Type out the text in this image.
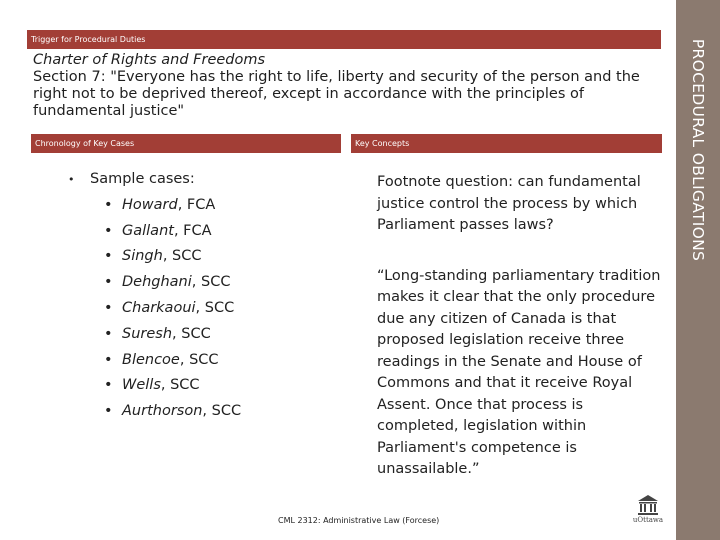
Trigger for Procedural Duties	PROCEDURAL OBLIGATIONS
Charter of Rights and Freedoms
Section 7: "Everyone has the right to life, liberty and security of the person and the right not to be deprived thereof, except in accordance with the principles of fundamental justice"
Chronology of Key Cases	Key Concepts
• Sample cases:
• Howard, FCA
• Gallant, FCA
• Singh, SCC
• Dehghani, SCC
• Charkaoui, SCC
• Suresh, SCC
• Blencoe, SCC
• Wells, SCC
• Aurthorson, SCC

Footnote question: can fundamental justice control the process by which Parliament passes laws?

“Long-standing parliamentary tradition makes it clear that the only procedure due any citizen of Canada is that proposed legislation receive three readings in the Senate and House of Commons and that it receive Royal Assent. Once that process is completed, legislation within Parliament's competence is unassailable.”

CML 2312: Administrative Law (Forcese)	uOttawa
